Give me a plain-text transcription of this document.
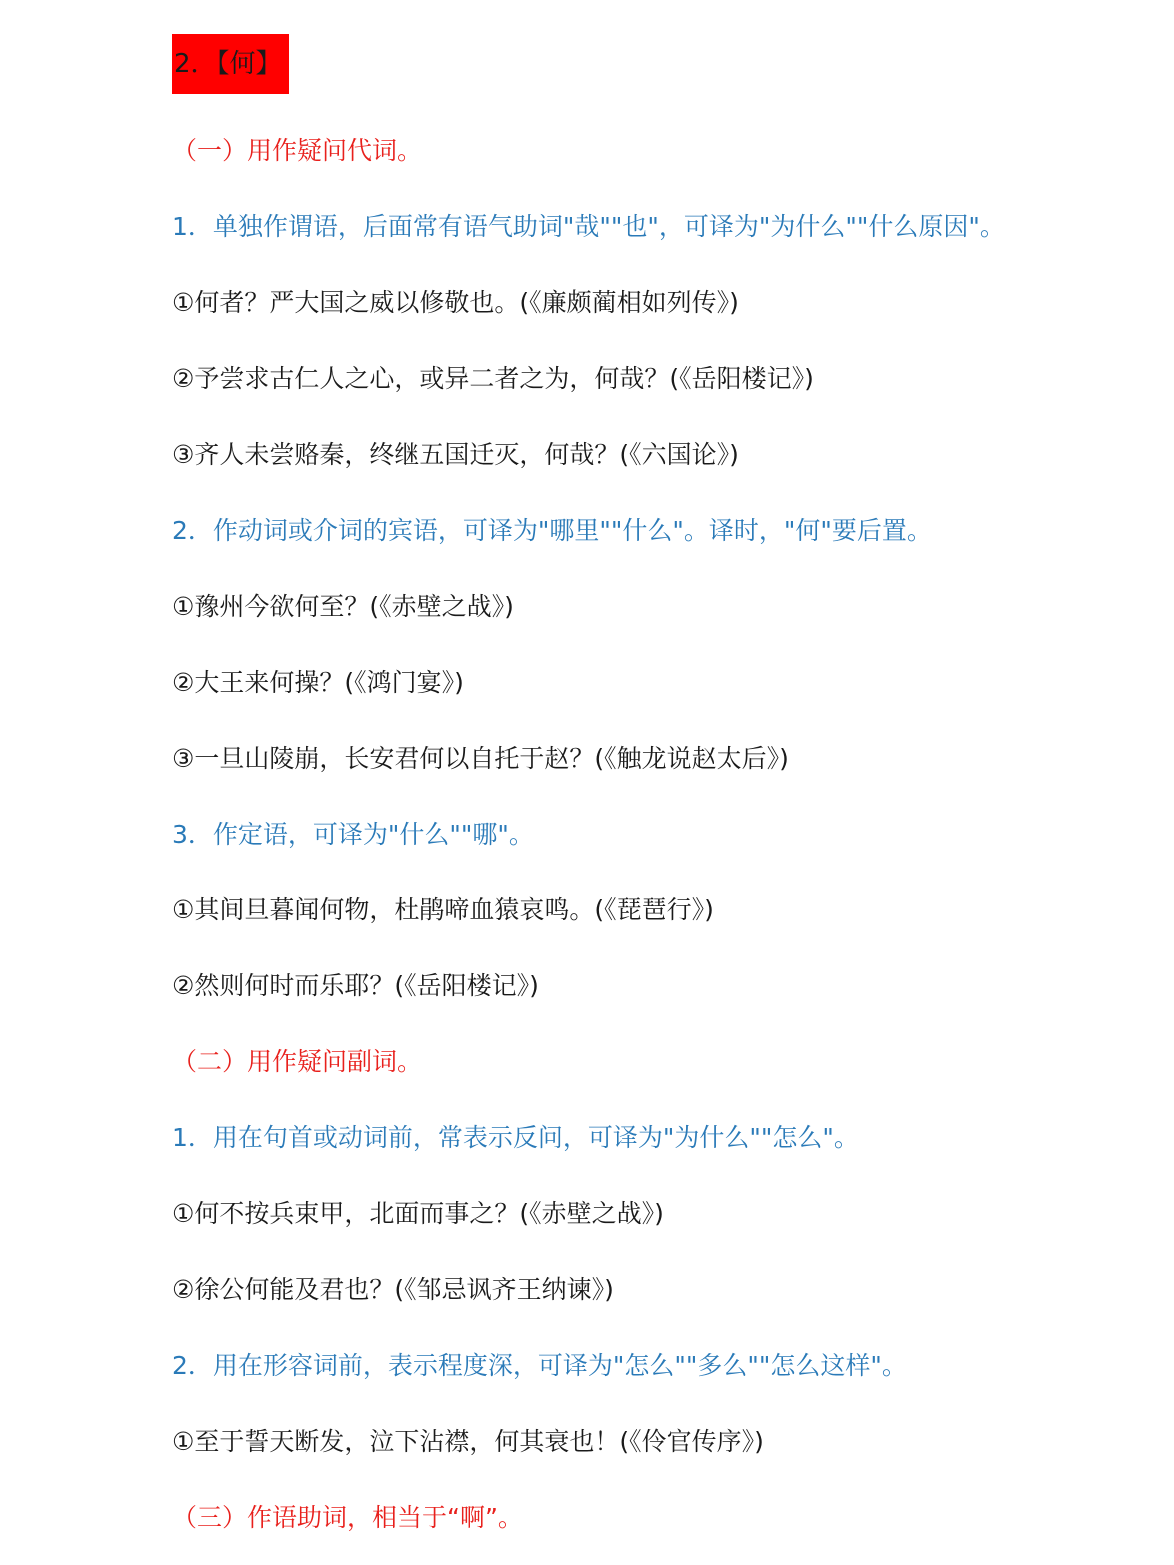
2．【何】
（一）用作疑问代词。
1．单独作谓语，后面常有语气助词"哉""也"，可译为"为什么""什么原因"。
①何者？严大国之威以修敬也。(《廉颇蔺相如列传》)
②予尝求古仁人之心，或异二者之为，何哉？(《岳阳楼记》)
③齐人未尝赂秦，终继五国迁灭，何哉？(《六国论》)
2．作动词或介词的宾语，可译为"哪里""什么"。译时，"何"要后置。
①豫州今欲何至？(《赤壁之战》)
②大王来何操？(《鸿门宴》)
③一旦山陵崩，长安君何以自托于赵？(《触龙说赵太后》)
3．作定语，可译为"什么""哪"。
①其间旦暮闻何物，杜鹃啼血猿哀鸣。(《琵琶行》)
②然则何时而乐耶？(《岳阳楼记》)
（二）用作疑问副词。
1．用在句首或动词前，常表示反问，可译为"为什么""怎么"。
①何不按兵束甲，北面而事之？(《赤壁之战》)
②徐公何能及君也？(《邹忌讽齐王纳谏》)
2．用在形容词前，表示程度深，可译为"怎么""多么""怎么这样"。
①至于誓天断发，泣下沾襟，何其衰也！(《伶官传序》)
（三）作语助词，相当于“啊”。
